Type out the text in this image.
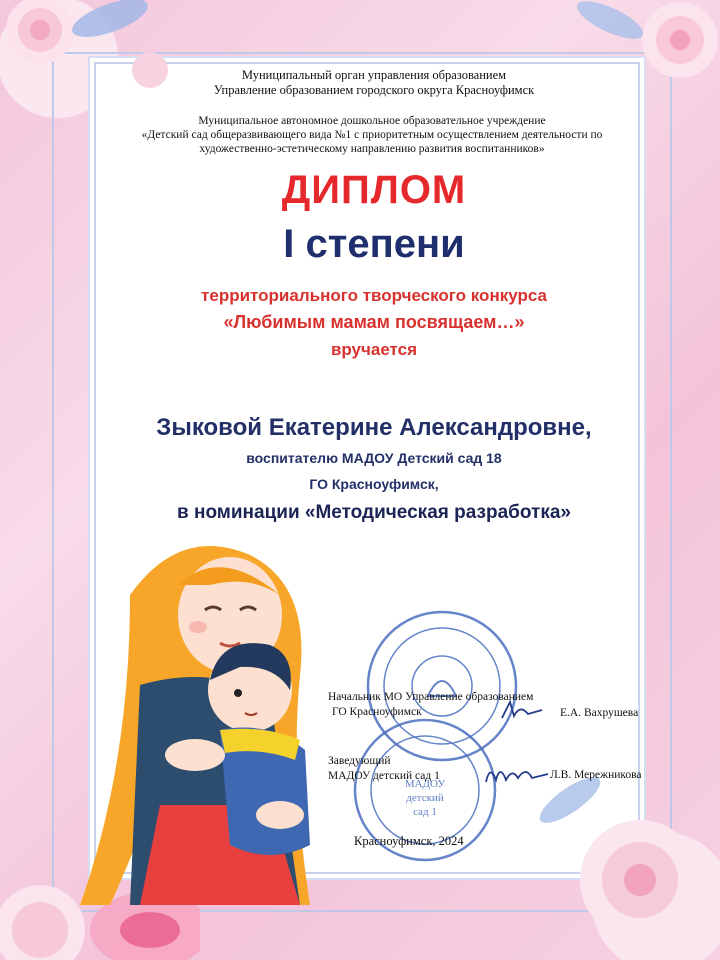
Муниципальный орган управления образованием
Управление образованием городского округа Красноуфимск
Муниципальное автономное дошкольное образовательное учреждение
«Детский сад общеразвивающего вида №1 с приоритетным осуществлением деятельности по
художественно-эстетическому направлению развития воспитанников»
ДИПЛОМ
I степени
территориального творческого конкурса
«Любимым мамам посвящаем…»
вручается
Зыковой Екатерине Александровне,
воспитателю МАДОУ Детский сад 18
ГО Красноуфимск,
в номинации «Методическая разработка»
МАДОУ
детский
сад 1
Начальник МО Управление образованием
ГО Красноуфимск	Е.А. Вахрушева
Заведующий
МАДОУ детский сад 1	Л.В. Мережникова
Красноуфимск, 2024
